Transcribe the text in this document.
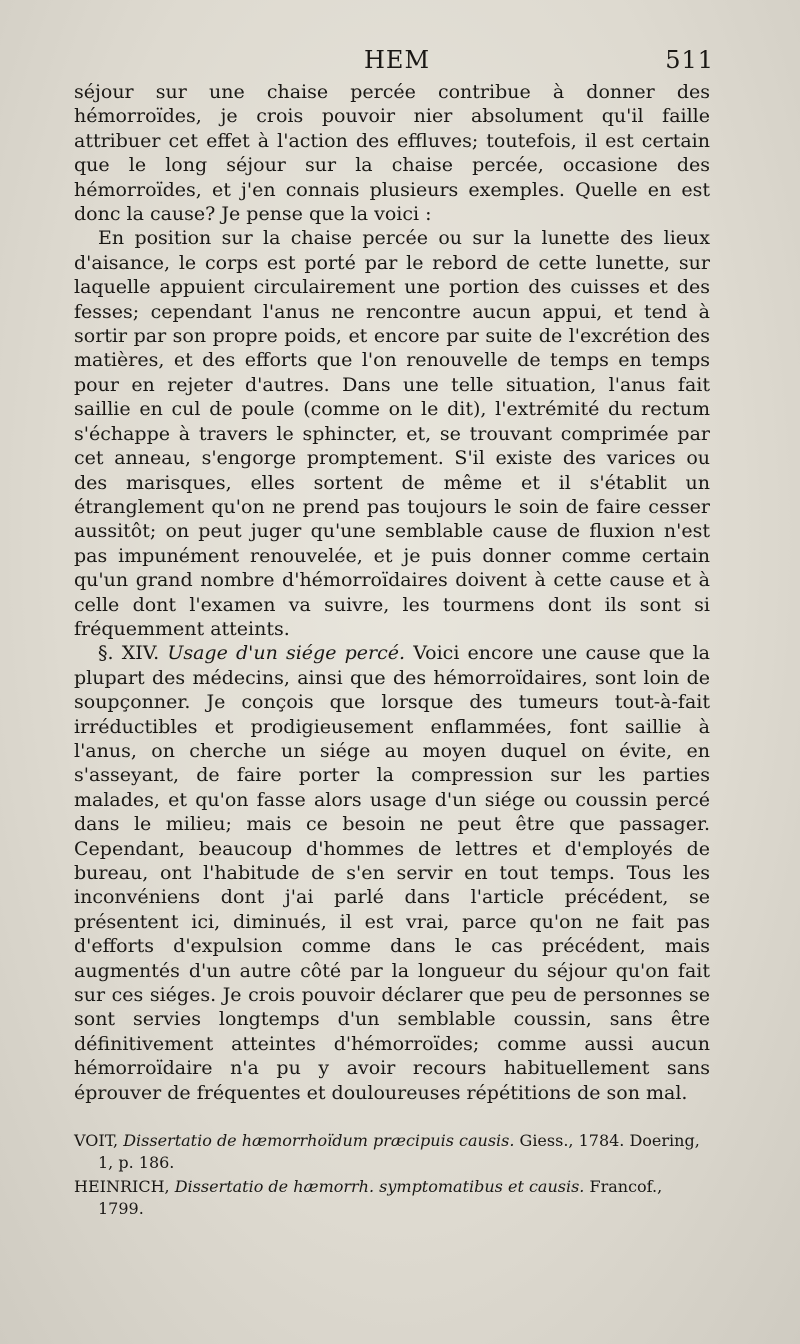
HEM	511

séjour sur une chaise percée contribue à donner des hémorroïdes, je crois pouvoir nier absolument qu'il faille attribuer cet effet à l'action des effluves; toutefois, il est certain que le long séjour sur la chaise percée, occasione des hémorroïdes, et j'en connais plusieurs exemples. Quelle en est donc la cause? Je pense que la voici :

En position sur la chaise percée ou sur la lunette des lieux d'aisance, le corps est porté par le rebord de cette lunette, sur laquelle appuient circulairement une portion des cuisses et des fesses; cependant l'anus ne rencontre aucun appui, et tend à sortir par son propre poids, et encore par suite de l'excrétion des matières, et des efforts que l'on renouvelle de temps en temps pour en rejeter d'autres. Dans une telle situation, l'anus fait saillie en cul de poule (comme on le dit), l'extrémité du rectum s'échappe à travers le sphincter, et, se trouvant comprimée par cet anneau, s'engorge promptement. S'il existe des varices ou des marisques, elles sortent de même et il s'établit un étranglement qu'on ne prend pas toujours le soin de faire cesser aussitôt; on peut juger qu'une semblable cause de fluxion n'est pas impunément renouvelée, et je puis donner comme certain qu'un grand nombre d'hémorroïdaires doivent à cette cause et à celle dont l'examen va suivre, les tourmens dont ils sont si fréquemment atteints.

§. XIV. Usage d'un siége percé. Voici encore une cause que la plupart des médecins, ainsi que des hémorroïdaires, sont loin de soupçonner. Je conçois que lorsque des tumeurs tout-à-fait irréductibles et prodigieusement enflammées, font saillie à l'anus, on cherche un siége au moyen duquel on évite, en s'asseyant, de faire porter la compression sur les parties malades, et qu'on fasse alors usage d'un siége ou coussin percé dans le milieu; mais ce besoin ne peut être que passager. Cependant, beaucoup d'hommes de lettres et d'employés de bureau, ont l'habitude de s'en servir en tout temps. Tous les inconvéniens dont j'ai parlé dans l'article précédent, se présentent ici, diminués, il est vrai, parce qu'on ne fait pas d'efforts d'expulsion comme dans le cas précédent, mais augmentés d'un autre côté par la longueur du séjour qu'on fait sur ces siéges. Je crois pouvoir déclarer que peu de personnes se sont servies longtemps d'un semblable coussin, sans être définitivement atteintes d'hémorroïdes; comme aussi aucun hémorroïdaire n'a pu y avoir recours habituellement sans éprouver de fréquentes et douloureuses répétitions de son mal.

VOIT, Dissertatio de hæmorrhoïdum præcipuis causis. Giess., 1784. Doering, 1, p. 186.

HEINRICH, Dissertatio de hæmorrh. symptomatibus et causis. Francof., 1799.
